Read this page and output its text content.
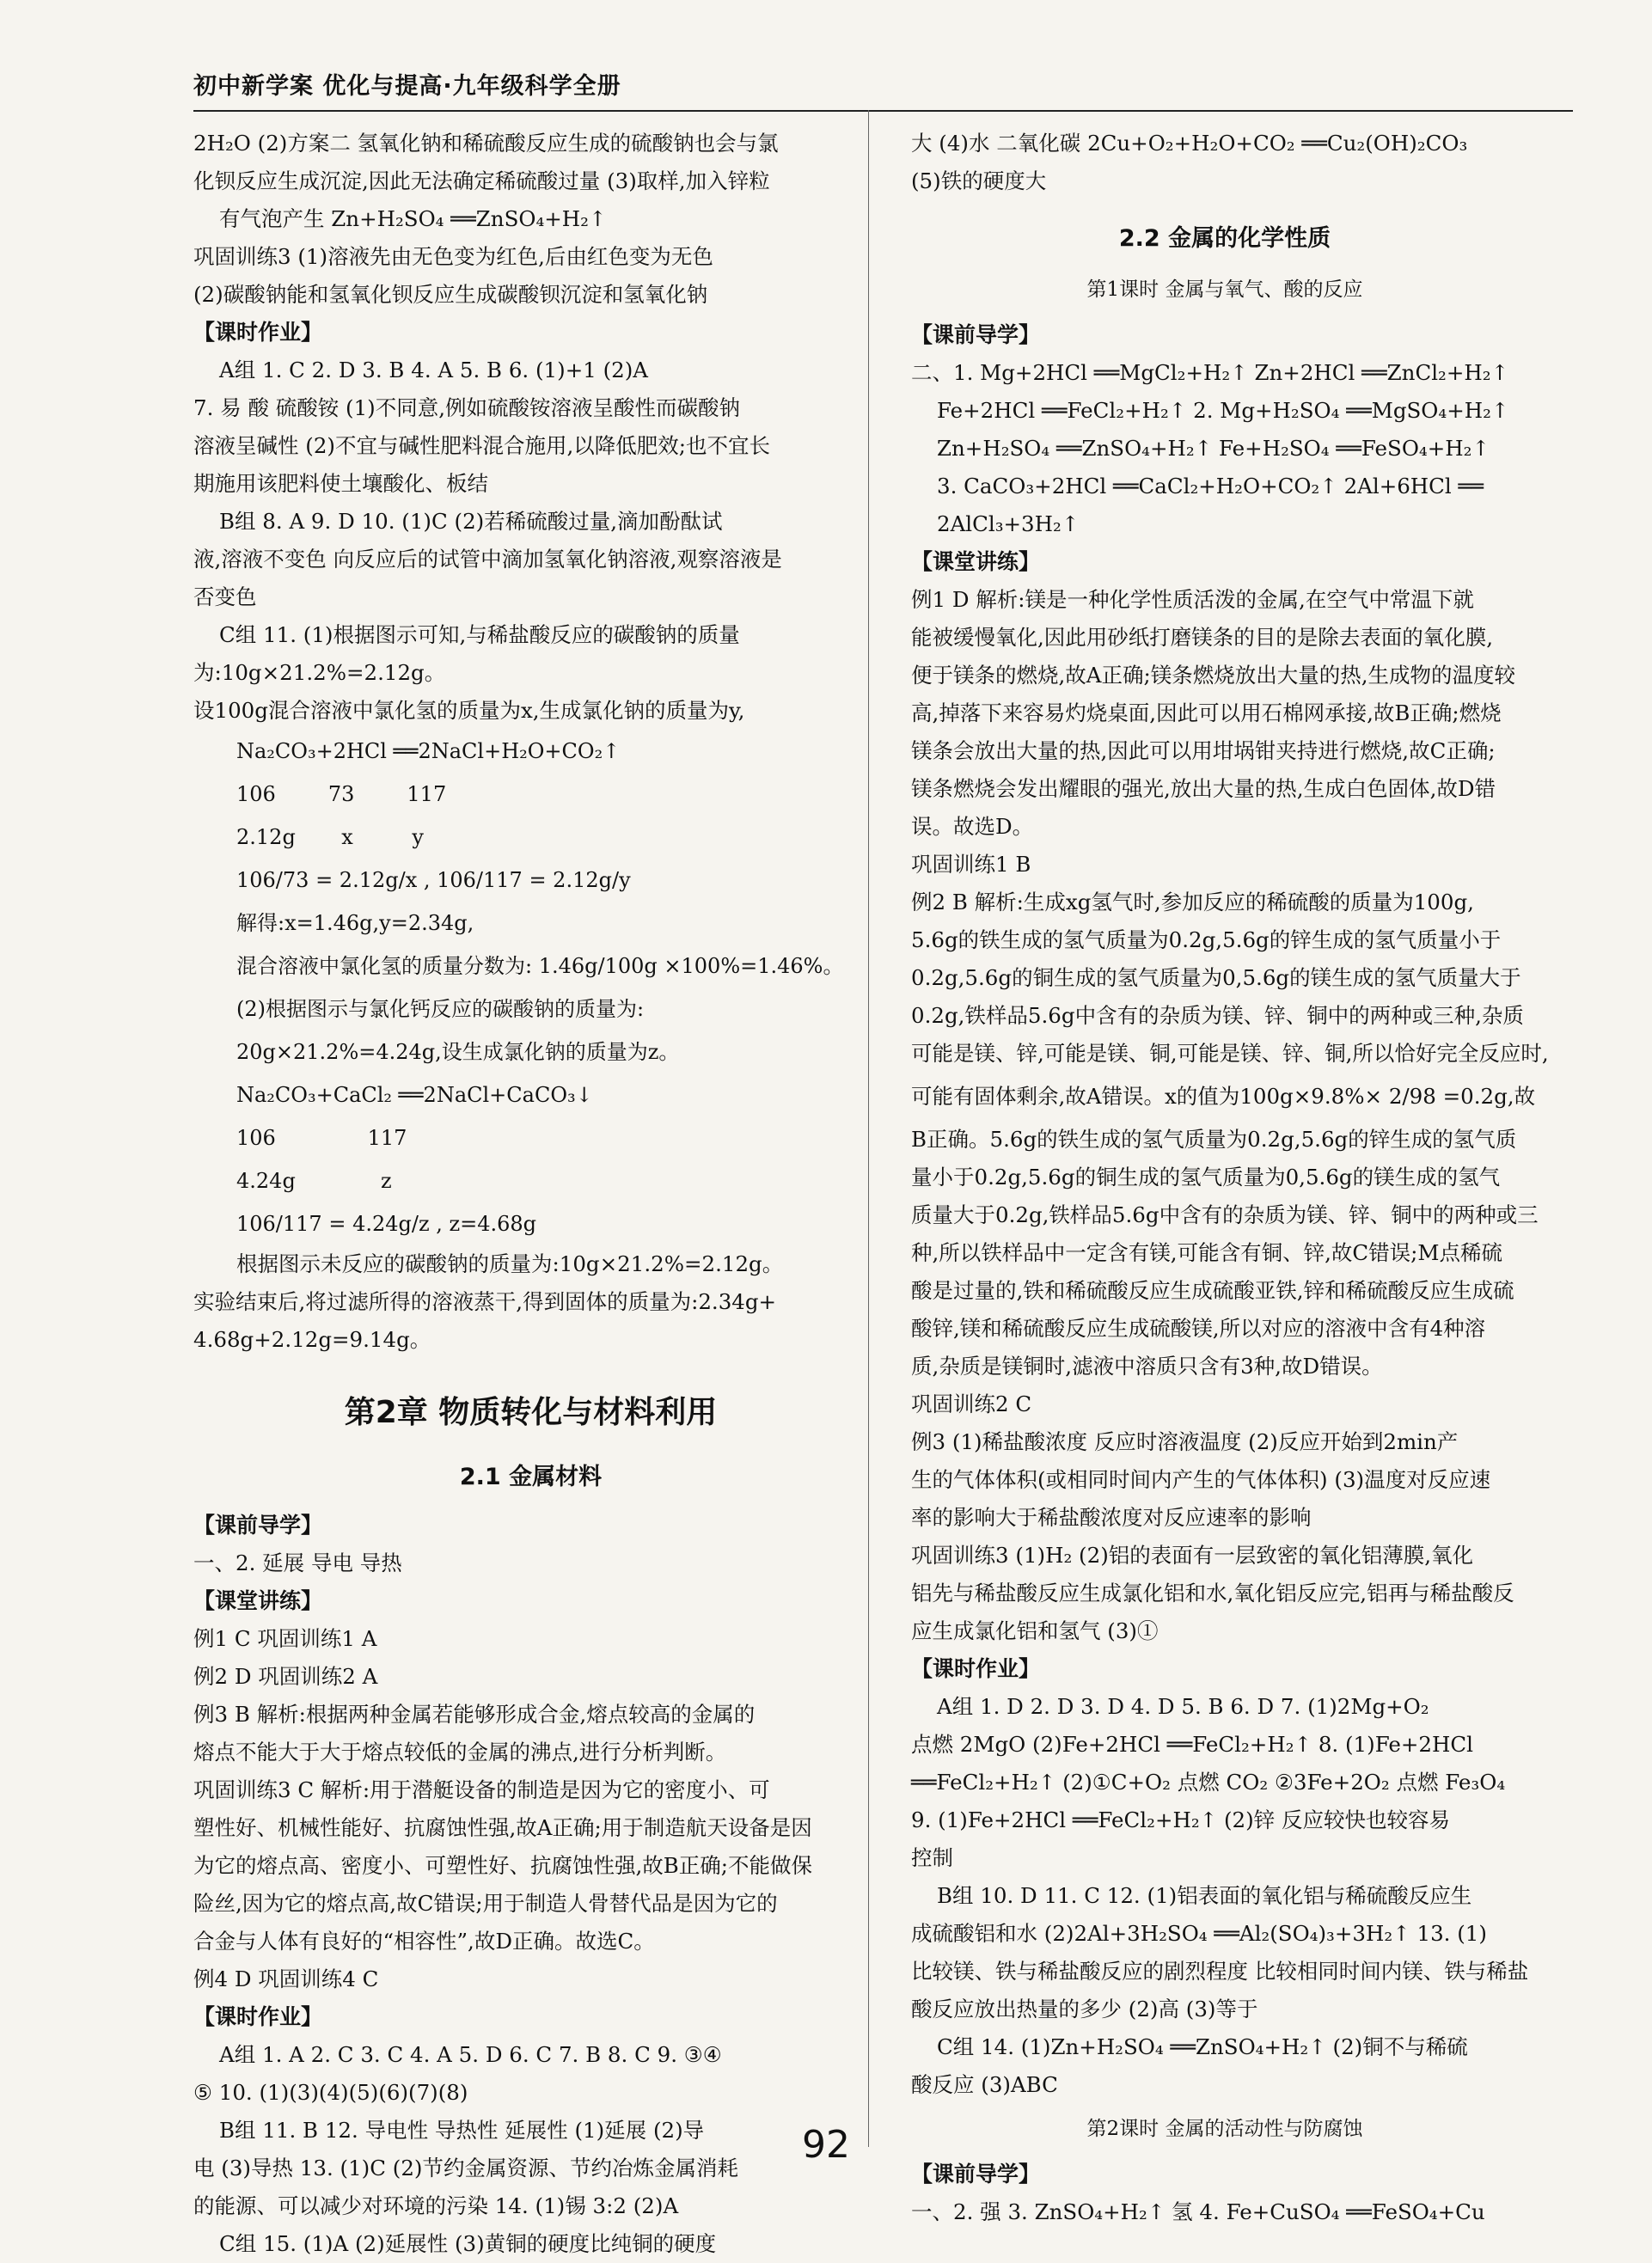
初中新学案 优化与提高·九年级科学全册
2H₂O (2)方案二 氢氧化钠和稀硫酸反应生成的硫酸钠也会与氯
化钡反应生成沉淀,因此无法确定稀硫酸过量 (3)取样,加入锌粒
有气泡产生 Zn+H₂SO₄ ══ZnSO₄+H₂↑
巩固训练3 (1)溶液先由无色变为红色,后由红色变为无色
(2)碳酸钠能和氢氧化钡反应生成碳酸钡沉淀和氢氧化钠
【课时作业】
A组 1. C 2. D 3. B 4. A 5. B 6. (1)+1 (2)A
7. 易 酸 硫酸铵 (1)不同意,例如硫酸铵溶液呈酸性而碳酸钠
溶液呈碱性 (2)不宜与碱性肥料混合施用,以降低肥效;也不宜长
期施用该肥料使土壤酸化、板结
B组 8. A 9. D 10. (1)C (2)若稀硫酸过量,滴加酚酞试
液,溶液不变色 向反应后的试管中滴加氢氧化钠溶液,观察溶液是
否变色
C组 11. (1)根据图示可知,与稀盐酸反应的碳酸钠的质量
为:10g×21.2%=2.12g。
设100g混合溶液中氯化氢的质量为x,生成氯化钠的质量为y,
Na₂CO₃+2HCl ══2NaCl+H₂O+CO₂↑
106        73        117
2.12g       x         y
106/73 = 2.12g/x , 106/117 = 2.12g/y
解得:x=1.46g,y=2.34g,
混合溶液中氯化氢的质量分数为: 1.46g/100g ×100%=1.46%。
(2)根据图示与氯化钙反应的碳酸钠的质量为:
20g×21.2%=4.24g,设生成氯化钠的质量为z。
Na₂CO₃+CaCl₂ ══2NaCl+CaCO₃↓
106              117
4.24g             z
106/117 = 4.24g/z , z=4.68g
根据图示未反应的碳酸钠的质量为:10g×21.2%=2.12g。
实验结束后,将过滤所得的溶液蒸干,得到固体的质量为:2.34g+
4.68g+2.12g=9.14g。
第2章 物质转化与材料利用
2.1 金属材料
【课前导学】
一、2. 延展 导电 导热
【课堂讲练】
例1 C 巩固训练1 A
例2 D 巩固训练2 A
例3 B 解析:根据两种金属若能够形成合金,熔点较高的金属的
熔点不能大于大于熔点较低的金属的沸点,进行分析判断。
巩固训练3 C 解析:用于潜艇设备的制造是因为它的密度小、可
塑性好、机械性能好、抗腐蚀性强,故A正确;用于制造航天设备是因
为它的熔点高、密度小、可塑性好、抗腐蚀性强,故B正确;不能做保
险丝,因为它的熔点高,故C错误;用于制造人骨替代品是因为它的
合金与人体有良好的“相容性”,故D正确。故选C。
例4 D 巩固训练4 C
【课时作业】
A组 1. A 2. C 3. C 4. A 5. D 6. C 7. B 8. C 9. ③④
⑤ 10. (1)(3)(4)(5)(6)(7)(8)
B组 11. B 12. 导电性 导热性 延展性 (1)延展 (2)导
电 (3)导热 13. (1)C (2)节约金属资源、节约冶炼金属消耗
的能源、可以减少对环境的污染 14. (1)锡 3:2 (2)A
C组 15. (1)A (2)延展性 (3)黄铜的硬度比纯铜的硬度
大 (4)水 二氧化碳 2Cu+O₂+H₂O+CO₂ ══Cu₂(OH)₂CO₃
(5)铁的硬度大
2.2 金属的化学性质
第1课时 金属与氧气、酸的反应
【课前导学】
二、1. Mg+2HCl ══MgCl₂+H₂↑ Zn+2HCl ══ZnCl₂+H₂↑
Fe+2HCl ══FeCl₂+H₂↑ 2. Mg+H₂SO₄ ══MgSO₄+H₂↑
Zn+H₂SO₄ ══ZnSO₄+H₂↑ Fe+H₂SO₄ ══FeSO₄+H₂↑
3. CaCO₃+2HCl ══CaCl₂+H₂O+CO₂↑ 2Al+6HCl ══
2AlCl₃+3H₂↑
【课堂讲练】
例1 D 解析:镁是一种化学性质活泼的金属,在空气中常温下就
能被缓慢氧化,因此用砂纸打磨镁条的目的是除去表面的氧化膜,
便于镁条的燃烧,故A正确;镁条燃烧放出大量的热,生成物的温度较
高,掉落下来容易灼烧桌面,因此可以用石棉网承接,故B正确;燃烧
镁条会放出大量的热,因此可以用坩埚钳夹持进行燃烧,故C正确;
镁条燃烧会发出耀眼的强光,放出大量的热,生成白色固体,故D错
误。故选D。
巩固训练1 B
例2 B 解析:生成xg氢气时,参加反应的稀硫酸的质量为100g,
5.6g的铁生成的氢气质量为0.2g,5.6g的锌生成的氢气质量小于
0.2g,5.6g的铜生成的氢气质量为0,5.6g的镁生成的氢气质量大于
0.2g,铁样品5.6g中含有的杂质为镁、锌、铜中的两种或三种,杂质
可能是镁、锌,可能是镁、铜,可能是镁、锌、铜,所以恰好完全反应时,
可能有固体剩余,故A错误。x的值为100g×9.8%× 2/98 =0.2g,故
B正确。5.6g的铁生成的氢气质量为0.2g,5.6g的锌生成的氢气质
量小于0.2g,5.6g的铜生成的氢气质量为0,5.6g的镁生成的氢气
质量大于0.2g,铁样品5.6g中含有的杂质为镁、锌、铜中的两种或三
种,所以铁样品中一定含有镁,可能含有铜、锌,故C错误;M点稀硫
酸是过量的,铁和稀硫酸反应生成硫酸亚铁,锌和稀硫酸反应生成硫
酸锌,镁和稀硫酸反应生成硫酸镁,所以对应的溶液中含有4种溶
质,杂质是镁铜时,滤液中溶质只含有3种,故D错误。
巩固训练2 C
例3 (1)稀盐酸浓度 反应时溶液温度 (2)反应开始到2min产
生的气体体积(或相同时间内产生的气体体积) (3)温度对反应速
率的影响大于稀盐酸浓度对反应速率的影响
巩固训练3 (1)H₂ (2)铝的表面有一层致密的氧化铝薄膜,氧化
铝先与稀盐酸反应生成氯化铝和水,氧化铝反应完,铝再与稀盐酸反
应生成氯化铝和氢气 (3)①
【课时作业】
A组 1. D 2. D 3. D 4. D 5. B 6. D 7. (1)2Mg+O₂
点燃 2MgO (2)Fe+2HCl ══FeCl₂+H₂↑ 8. (1)Fe+2HCl
══FeCl₂+H₂↑ (2)①C+O₂ 点燃 CO₂ ②3Fe+2O₂ 点燃 Fe₃O₄
9. (1)Fe+2HCl ══FeCl₂+H₂↑ (2)锌 反应较快也较容易
控制
B组 10. D 11. C 12. (1)铝表面的氧化铝与稀硫酸反应生
成硫酸铝和水 (2)2Al+3H₂SO₄ ══Al₂(SO₄)₃+3H₂↑ 13. (1)
比较镁、铁与稀盐酸反应的剧烈程度 比较相同时间内镁、铁与稀盐
酸反应放出热量的多少 (2)高 (3)等于
C组 14. (1)Zn+H₂SO₄ ══ZnSO₄+H₂↑ (2)铜不与稀硫
酸反应 (3)ABC
第2课时 金属的活动性与防腐蚀
【课前导学】
一、2. 强 3. ZnSO₄+H₂↑ 氢 4. Fe+CuSO₄ ══FeSO₄+Cu
92
